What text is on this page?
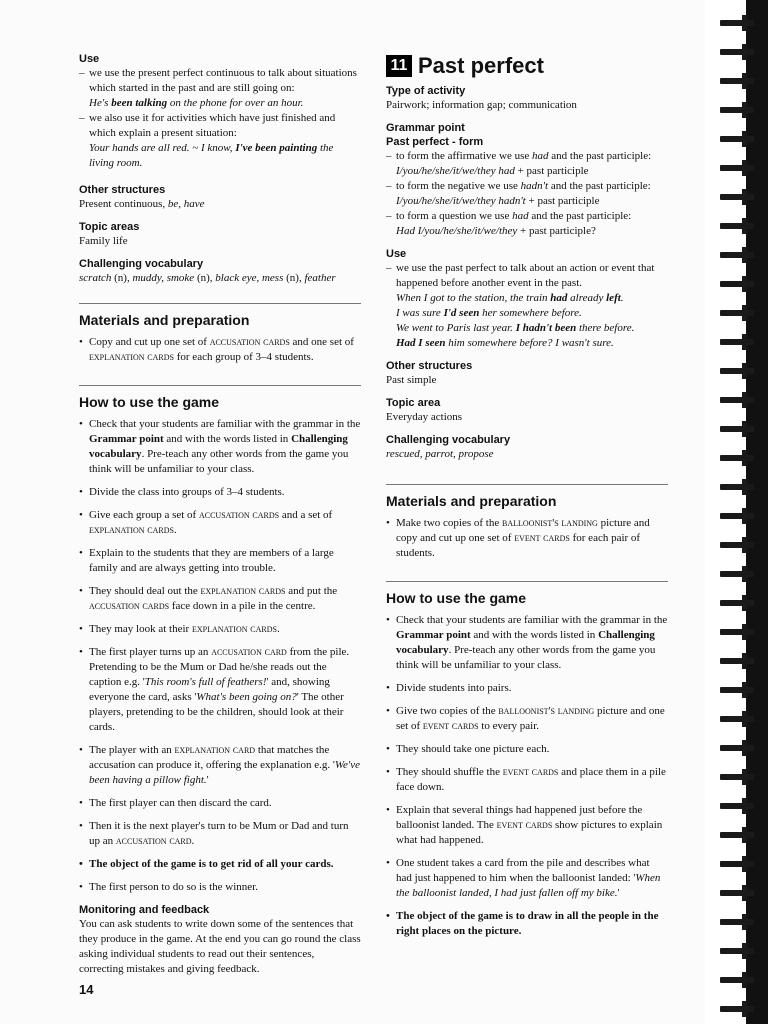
Use
– we use the present perfect continuous to talk about situations which started in the past and are still going on:
He's been talking on the phone for over an hour.
– we also use it for activities which have just finished and which explain a present situation:
Your hands are all red. ~ I know, I've been painting the living room.
Other structures

Present continuous, be, have

Topic areas

Family life

Challenging vocabulary

scratch (n), muddy, smoke (n), black eye, mess (n), feather

Materials and preparation
• Copy and cut up one set of accusation cards and one set of explanation cards for each group of 3–4 students.
How to use the game
• Check that your students are familiar with the grammar in the Grammar point and with the words listed in Challenging vocabulary. Pre-teach any other words from the game you think will be unfamiliar to your class.
• Divide the class into groups of 3–4 students.
• Give each group a set of accusation cards and a set of explanation cards.
• Explain to the students that they are members of a large family and are always getting into trouble.
• They should deal out the explanation cards and put the accusation cards face down in a pile in the centre.
• They may look at their explanation cards.
• The first player turns up an accusation card from the pile. Pretending to be the Mum or Dad he/she reads out the caption e.g. 'This room's full of feathers!' and, showing everyone the card, asks 'What's been going on?' The other players, pretending to be the children, should look at their cards.
• The player with an explanation card that matches the accusation can produce it, offering the explanation e.g. 'We've been having a pillow fight.'
• The first player can then discard the card.
• Then it is the next player's turn to be Mum or Dad and turn up an accusation card.
• The object of the game is to get rid of all your cards.
• The first person to do so is the winner.
Monitoring and feedback

You can ask students to write down some of the sentences that they produce in the game. At the end you can go round the class asking individual students to read out their sentences, correcting mistakes and giving feedback.

11 Past perfect
Type of activity

Pairwork; information gap; communication

Grammar point
Past perfect - form
– to form the affirmative we use had and the past participle:
I/you/he/she/it/we/they had + past participle
– to form the negative we use hadn't and the past participle:
I/you/he/she/it/we/they hadn't + past participle
– to form a question we use had and the past participle:
Had I/you/he/she/it/we/they + past participle?
Use
– we use the past perfect to talk about an action or event that happened before another event in the past.
When I got to the station, the train had already left.
I was sure I'd seen her somewhere before.
We went to Paris last year. I hadn't been there before.
Had I seen him somewhere before? I wasn't sure.
Other structures

Past simple

Topic area

Everyday actions

Challenging vocabulary

rescued, parrot, propose

Materials and preparation
• Make two copies of the balloonist's landing picture and copy and cut up one set of event cards for each pair of students.
How to use the game
• Check that your students are familiar with the grammar in the Grammar point and with the words listed in Challenging vocabulary. Pre-teach any other words from the game you think will be unfamiliar to your class.
• Divide students into pairs.
• Give two copies of the balloonist's landing picture and one set of event cards to every pair.
• They should take one picture each.
• They should shuffle the event cards and place them in a pile face down.
• Explain that several things had happened just before the balloonist landed. The event cards show pictures to explain what had happened.
• One student takes a card from the pile and describes what had just happened to him when the balloonist landed: 'When the balloonist landed, I had just fallen off my bike.'
• The object of the game is to draw in all the people in the right places on the picture.
14
